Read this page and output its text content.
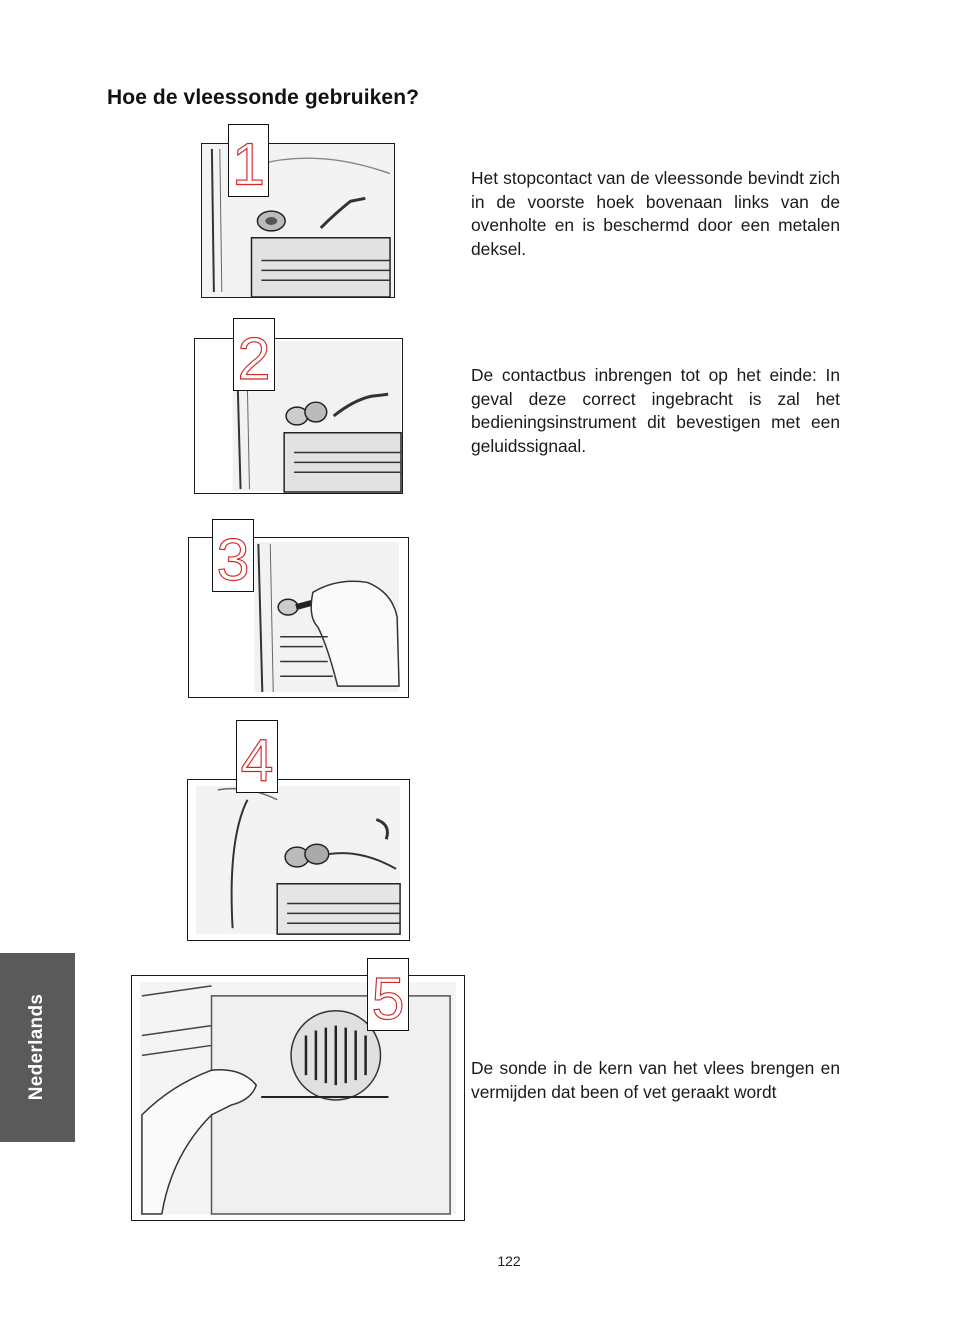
Hoe de vleessonde gebruiken?
1	Het stopcontact van de vleessonde bevindt zich in de voorste hoek bovenaan links van de ovenholte en is beschermd door een metalen deksel.

2	De contactbus inbrengen tot op het einde: In geval deze correct ingebracht is zal het bedieningsinstrument dit bevestigen met een geluidssignaal.

3
4
5

De sonde in de kern van het vlees brengen en vermijden dat been of vet geraakt wordt

Nederlands
122
